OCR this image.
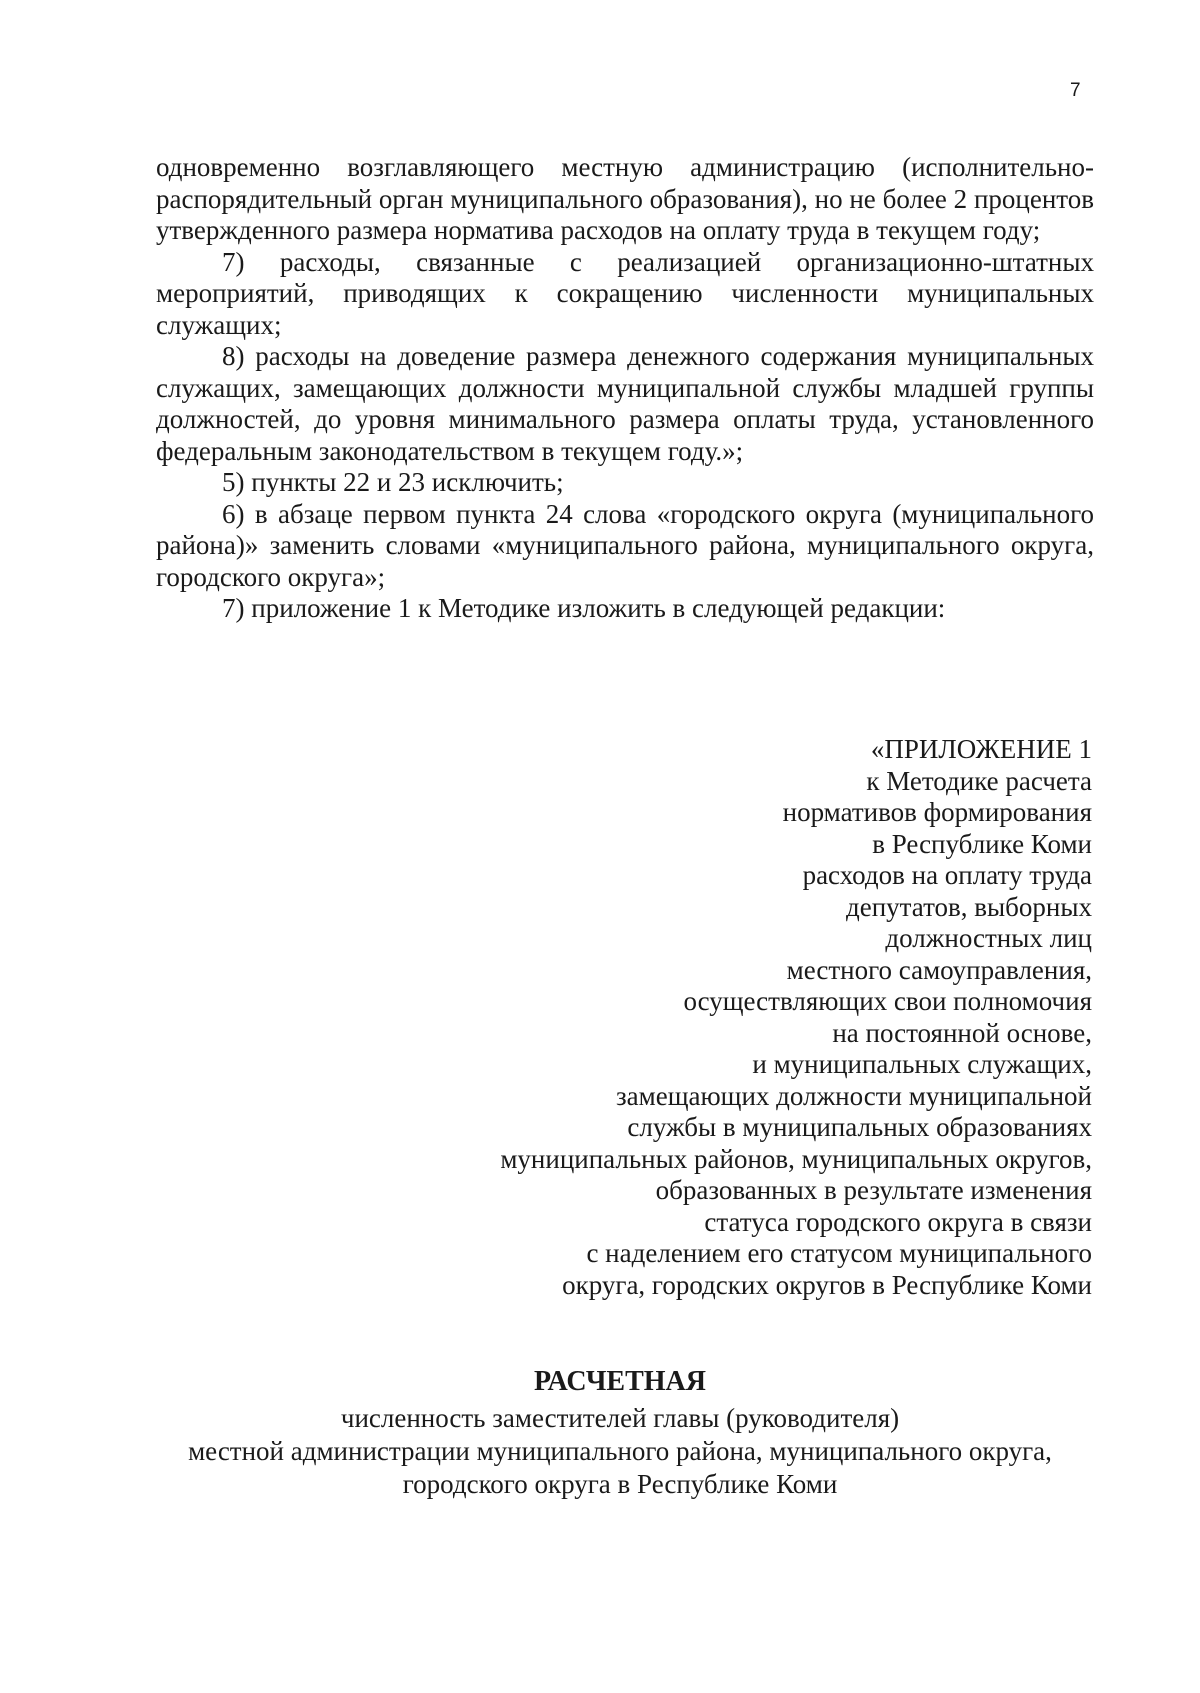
7

одновременно возглавляющего местную администрацию (исполнительно-распорядительный орган муниципального образования), но не более 2 процентов утвержденного размера норматива расходов на оплату труда в текущем году;

7) расходы, связанные с реализацией организационно-штатных мероприятий, приводящих к сокращению численности муниципальных служащих;

8) расходы на доведение размера денежного содержания муниципальных служащих, замещающих должности муниципальной службы младшей группы должностей, до уровня минимального размера оплаты труда, установленного федеральным законодательством в текущем году.»;

5) пункты 22 и 23 исключить;

6) в абзаце первом пункта 24 слова «городского округа (муниципального района)» заменить словами «муниципального района, муниципального округа, городского округа»;

7) приложение 1 к Методике изложить в следующей редакции:

«ПРИЛОЖЕНИЕ 1
к Методике расчета
нормативов формирования
в Республике Коми
расходов на оплату труда
депутатов, выборных
должностных лиц
местного самоуправления,
осуществляющих свои полномочия
на постоянной основе,
и муниципальных служащих,
замещающих должности муниципальной
службы в муниципальных образованиях
муниципальных районов, муниципальных округов,
образованных в результате изменения
статуса городского округа в связи
с наделением его статусом муниципального
округа, городских округов в Республике Коми
РАСЧЕТНАЯ
численность заместителей главы (руководителя)
местной администрации муниципального района, муниципального округа,
городского округа в Республике Коми
